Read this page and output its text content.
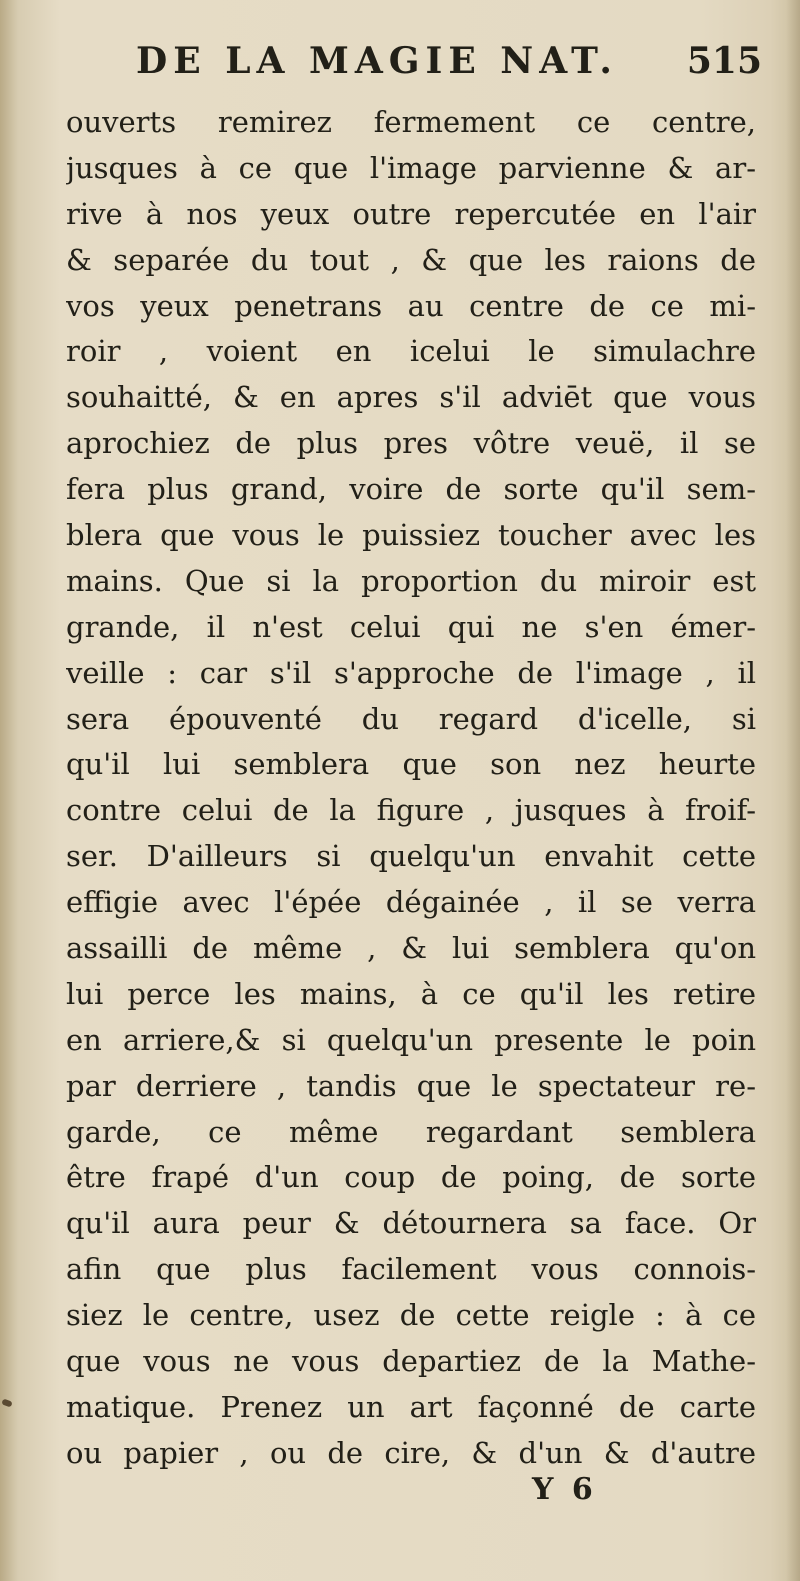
DE LA MAGIE NAT. 515
ouverts remirez fermement ce centre,
jusques à ce que l'image parvienne & ar-
rive à nos yeux outre repercutée en l'air
& separée du tout , & que les raions de
vos yeux penetrans au centre de ce mi-
roir , voient en icelui le simulachre
souhaitté, & en apres s'il adviēt que vous
aprochiez de plus pres vôtre veuë, il se
fera plus grand, voire de sorte qu'il sem-
blera que vous le puissiez toucher avec les
mains. Que si la proportion du miroir est
grande, il n'est celui qui ne s'en émer-
veille : car s'il s'approche de l'image , il
sera épouventé du regard d'icelle, si
qu'il lui semblera que son nez heurte
contre celui de la figure , jusques à froif-
ser. D'ailleurs si quelqu'un envahit cette
effigie avec l'épée dégainée , il se verra
assailli de même , & lui semblera qu'on
lui perce les mains, à ce qu'il les retire
en arriere,& si quelqu'un presente le poin
par derriere , tandis que le spectateur re-
garde, ce même regardant semblera
être frapé d'un coup de poing, de sorte
qu'il aura peur & détournera sa face. Or
afin que plus facilement vous connois-
siez le centre, usez de cette reigle : à ce
que vous ne vous departiez de la Mathe-
matique. Prenez un art façonné de carte
ou papier , ou de cire, & d'un & d'autre
Y 6
